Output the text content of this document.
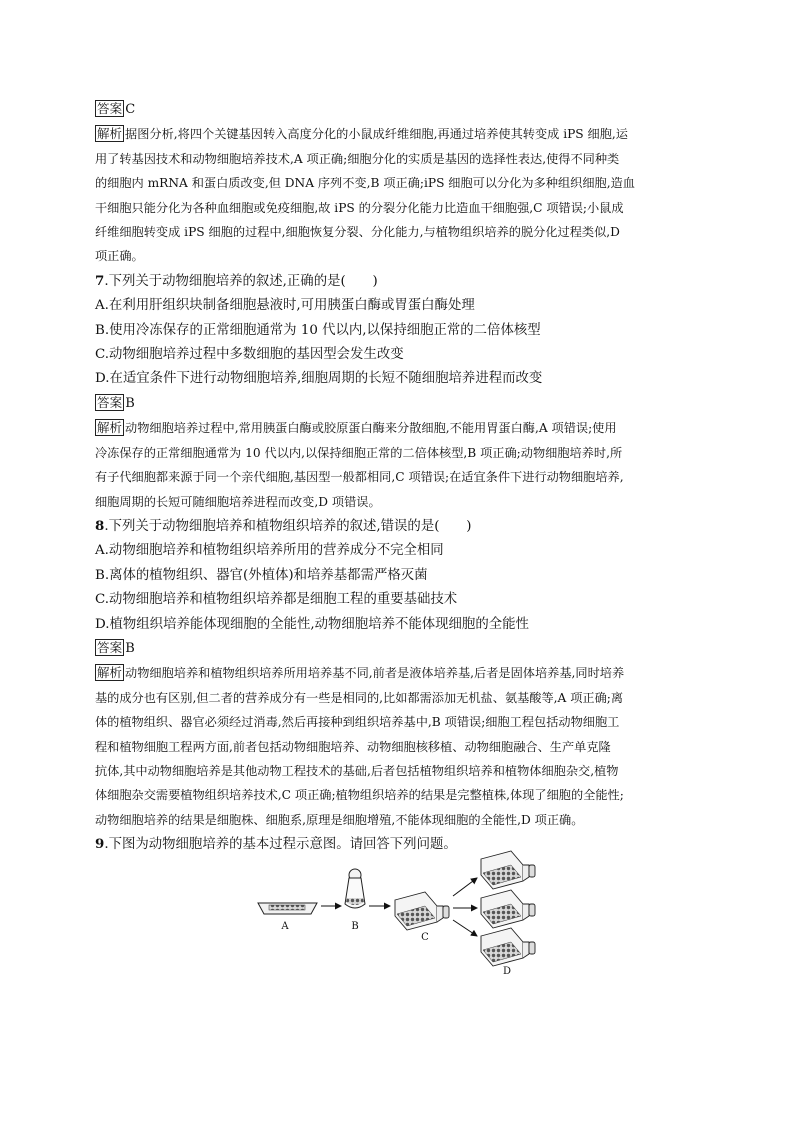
答案 C
解析 据图分析,将四个关键基因转入高度分化的小鼠成纤维细胞,再通过培养使其转变成 iPS 细胞,运
用了转基因技术和动物细胞培养技术,A 项正确;细胞分化的实质是基因的选择性表达,使得不同种类
的细胞内 mRNA 和蛋白质改变,但 DNA 序列不变,B 项正确;iPS 细胞可以分化为多种组织细胞,造血
干细胞只能分化为各种血细胞或免疫细胞,故 iPS 的分裂分化能力比造血干细胞强,C 项错误;小鼠成
纤维细胞转变成 iPS 细胞的过程中,细胞恢复分裂、分化能力,与植物组织培养的脱分化过程类似,D
项正确。
7.下列关于动物细胞培养的叙述,正确的是(　　)
A.在利用肝组织块制备细胞悬液时,可用胰蛋白酶或胃蛋白酶处理
B.使用冷冻保存的正常细胞通常为 10 代以内,以保持细胞正常的二倍体核型
C.动物细胞培养过程中多数细胞的基因型会发生改变
D.在适宜条件下进行动物细胞培养,细胞周期的长短不随细胞培养进程而改变
答案 B
解析 动物细胞培养过程中,常用胰蛋白酶或胶原蛋白酶来分散细胞,不能用胃蛋白酶,A 项错误;使用
冷冻保存的正常细胞通常为 10 代以内,以保持细胞正常的二倍体核型,B 项正确;动物细胞培养时,所
有子代细胞都来源于同一个亲代细胞,基因型一般都相同,C 项错误;在适宜条件下进行动物细胞培养,
细胞周期的长短可随细胞培养进程而改变,D 项错误。
8.下列关于动物细胞培养和植物组织培养的叙述,错误的是(　　)
A.动物细胞培养和植物组织培养所用的营养成分不完全相同
B.离体的植物组织、器官(外植体)和培养基都需严格灭菌
C.动物细胞培养和植物组织培养都是细胞工程的重要基础技术
D.植物组织培养能体现细胞的全能性,动物细胞培养不能体现细胞的全能性
答案 B
解析 动物细胞培养和植物组织培养所用培养基不同,前者是液体培养基,后者是固体培养基,同时培养
基的成分也有区别,但二者的营养成分有一些是相同的,比如都需添加无机盐、氨基酸等,A 项正确;离
体的植物组织、器官必须经过消毒,然后再接种到组织培养基中,B 项错误;细胞工程包括动物细胞工
程和植物细胞工程两方面,前者包括动物细胞培养、动物细胞核移植、动物细胞融合、生产单克隆
抗体,其中动物细胞培养是其他动物工程技术的基础,后者包括植物组织培养和植物体细胞杂交,植物
体细胞杂交需要植物组织培养技术,C 项正确;植物组织培养的结果是完整植株,体现了细胞的全能性;
动物细胞培养的结果是细胞株、细胞系,原理是细胞增殖,不能体现细胞的全能性,D 项正确。
9.下图为动物细胞培养的基本过程示意图。请回答下列问题。
A	B
C
D
